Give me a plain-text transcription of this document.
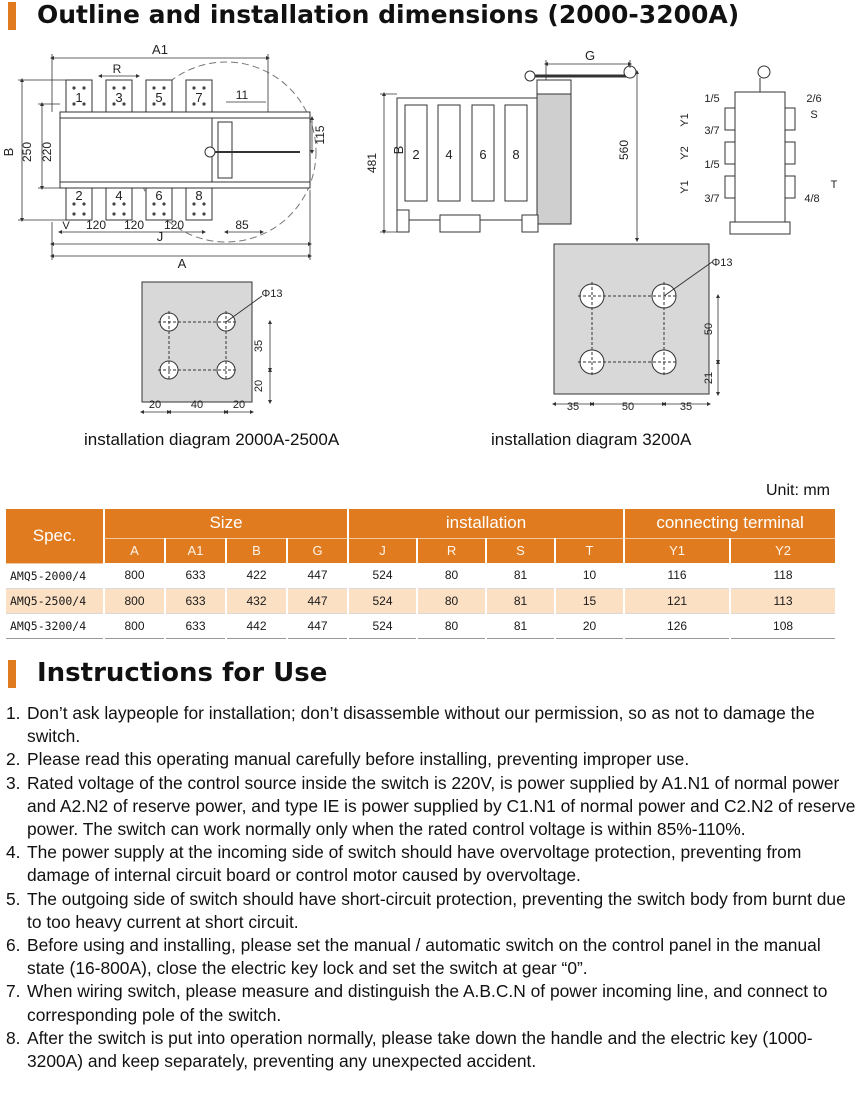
Outline and installation dimensions (2000-3200A)
1	3	5	7
2	4	6	8
A1
R
B 250 220
11
115
V 120 120 120	85
J
A
G
481
B	560
2 4 6 8
1/5
3/7
1/5
3/7
2/6
S
4/8
T
Y1
Y2
Y1
Φ13
35
20
20	40	20
Φ13
50
21
35	50	35
installation diagram 2000A-2500A	installation diagram 3200A
Unit: mm
Spec.	Size				installation				connecting terminal	
	A	A1	B	G	J	R	S	T	Y1	Y2
AMQ5-2000/4	800	633	422	447	524	80	81	10	116	118
AMQ5-2500/4	800	633	432	447	524	80	81	15	121	113
AMQ5-3200/4	800	633	442	447	524	80	81	20	126	108
Instructions for Use
1. Don’t ask laypeople for installation; don’t disassemble without our permission, so as not to damage the switch.
2. Please read this operating manual carefully before installing, preventing improper use.
3. Rated voltage of the control source inside the switch is 220V, is power supplied by A1.N1 of normal power and A2.N2 of reserve power, and type IE is power supplied by C1.N1 of normal power and C2.N2 of reserve power. The switch can work normally only when the rated control voltage is within 85%-110%.
4. The power supply at the incoming side of switch should have overvoltage protection, preventing from damage of internal circuit board or control motor caused by overvoltage.
5. The outgoing side of switch should have short-circuit protection, preventing the switch body from burnt due to too heavy current at short circuit.
6. Before using and installing, please set the manual / automatic switch on the control panel in the manual state (16-800A), close the electric key lock and set the switch at gear “0”.
7. When wiring switch, please measure and distinguish the A.B.C.N of power incoming line, and connect to corresponding pole of the switch.
8. After the switch is put into operation normally, please take down the handle and the electric key (1000-3200A) and keep separately, preventing any unexpected accident.
